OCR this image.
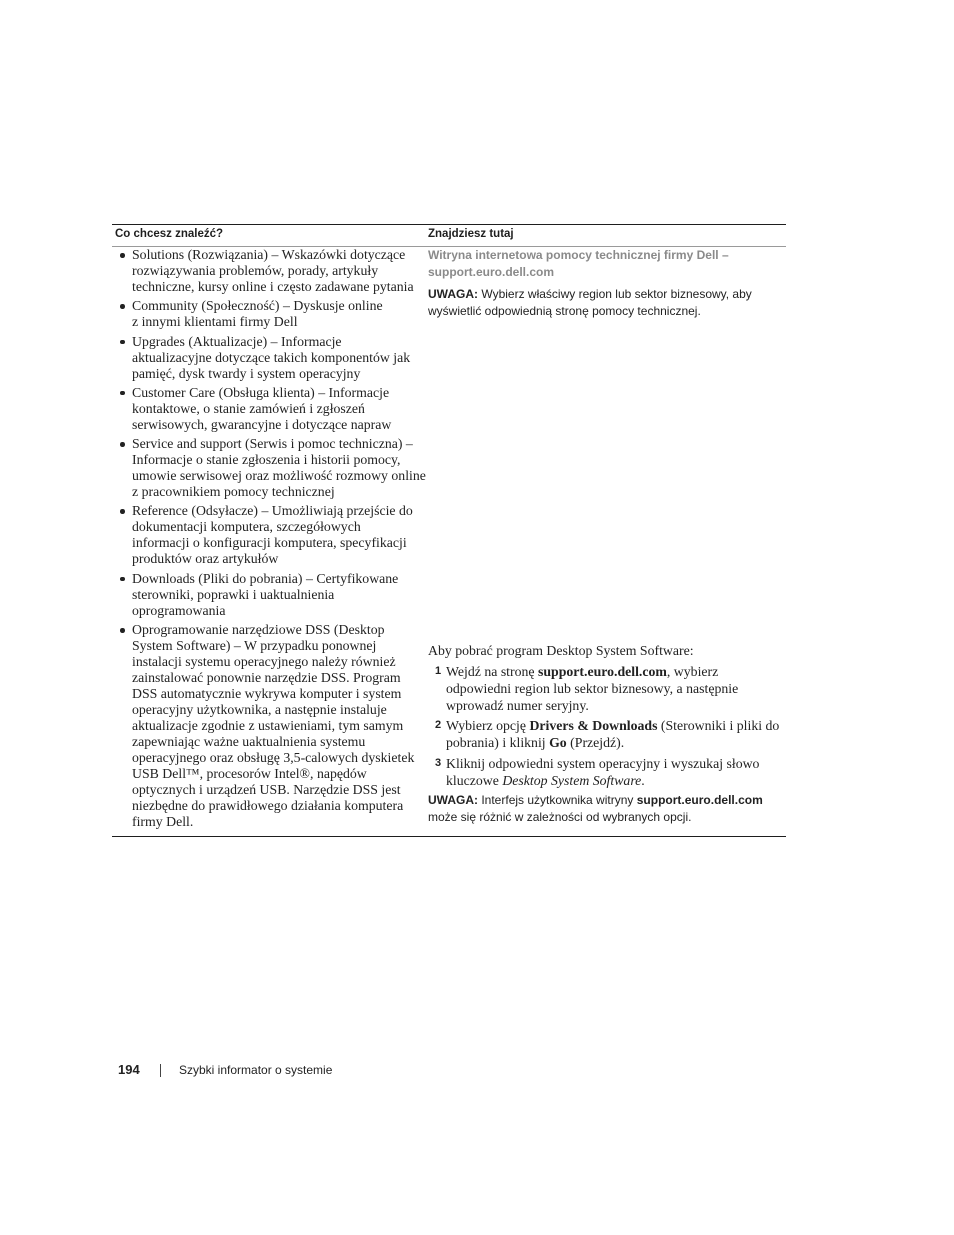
Co chcesz znaleźć?	Znajdziesz tutaj
Solutions (Rozwiązania) – Wskazówki dotyczące
rozwiązywania problemów, porady, artykuły
techniczne, kursy online i często zadawane pytania
Community (Społeczność) – Dyskusje online
z innymi klientami firmy Dell
Upgrades (Aktualizacje) – Informacje
aktualizacyjne dotyczące takich komponentów jak
pamięć, dysk twardy i system operacyjny
Customer Care (Obsługa klienta) – Informacje
kontaktowe, o stanie zamówień i zgłoszeń
serwisowych, gwarancyjne i dotyczące napraw
Service and support (Serwis i pomoc techniczna) –
Informacje o stanie zgłoszenia i historii pomocy,
umowie serwisowej oraz możliwość rozmowy online
z pracownikiem pomocy technicznej
Reference (Odsyłacze) – Umożliwiają przejście do
dokumentacji komputera, szczegółowych
informacji o konfiguracji komputera, specyfikacji
produktów oraz artykułów
Downloads (Pliki do pobrania) – Certyfikowane
sterowniki, poprawki i uaktualnienia
oprogramowania
Witryna internetowa pomocy technicznej firmy Dell –
support.euro.dell.com
UWAGA: Wybierz właściwy region lub sektor biznesowy, aby
wyświetlić odpowiednią stronę pomocy technicznej.
Oprogramowanie narzędziowe DSS (Desktop
System Software) – W przypadku ponownej
instalacji systemu operacyjnego należy również
zainstalować ponownie narzędzie DSS. Program
DSS automatycznie wykrywa komputer i system
operacyjny użytkownika, a następnie instaluje
aktualizacje zgodnie z ustawieniami, tym samym
zapewniając ważne uaktualnienia systemu
operacyjnego oraz obsługę 3,5-calowych dyskietek
USB Dell™, procesorów Intel®, napędów
optycznych i urządzeń USB. Narzędzie DSS jest
niezbędne do prawidłowego działania komputera
firmy Dell.
Aby pobrać program Desktop System Software:
1 Wejdź na stronę support.euro.dell.com, wybierz
odpowiedni region lub sektor biznesowy, a następnie
wprowadź numer seryjny.
2 Wybierz opcję Drivers & Downloads (Sterowniki i pliki do
pobrania) i kliknij Go (Przejdź).
3 Kliknij odpowiedni system operacyjny i wyszukaj słowo
kluczowe Desktop System Software.
UWAGA: Interfejs użytkownika witryny support.euro.dell.com
może się różnić w zależności od wybranych opcji.
194	Szybki informator o systemie
